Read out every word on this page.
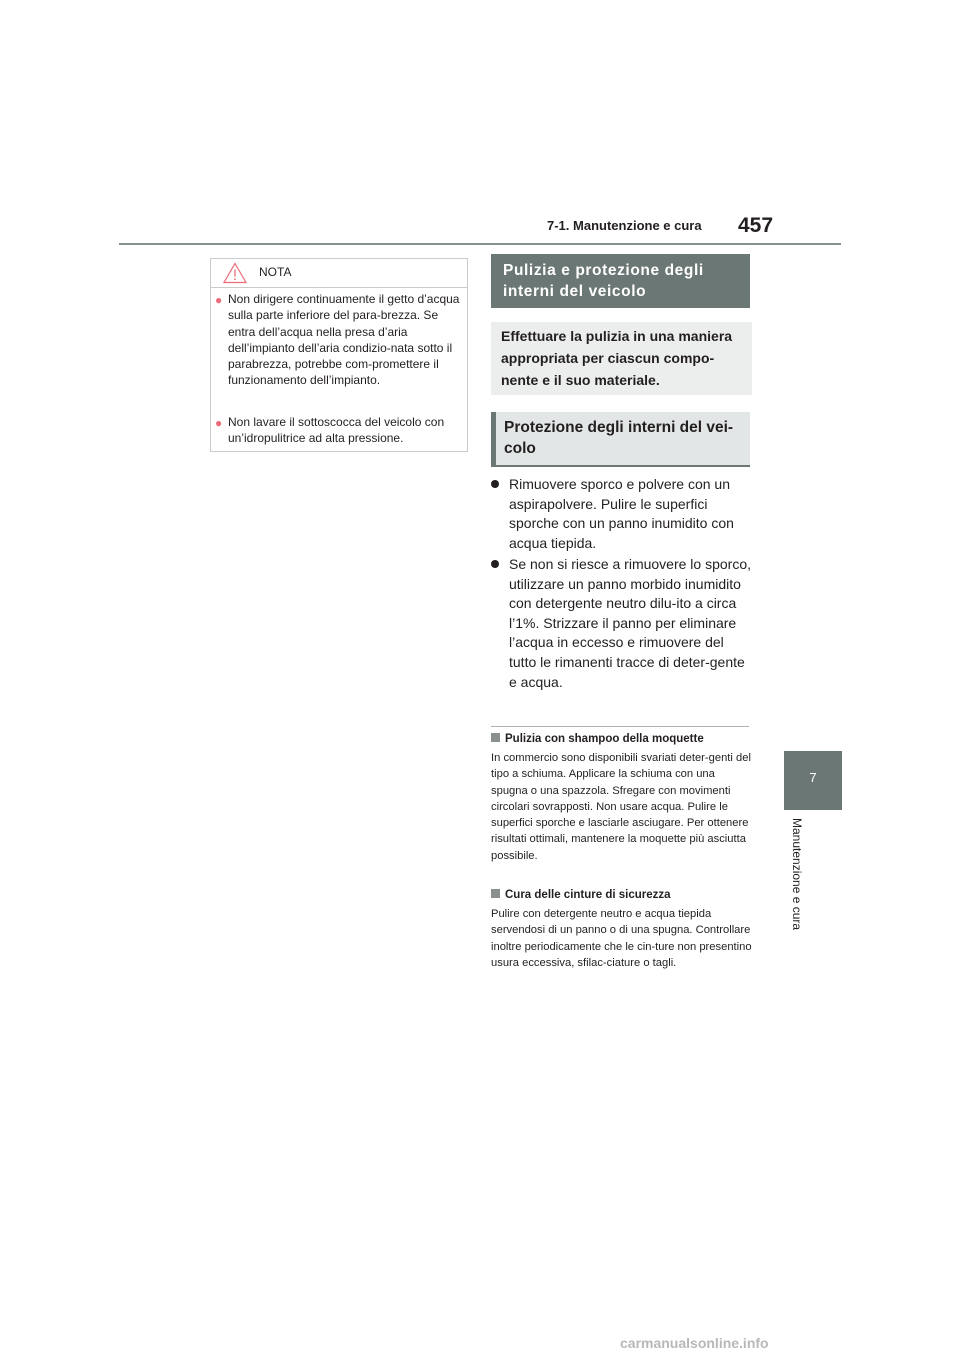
7-1. Manutenzione e cura 457
7
Manutenzione e cura
NOTA
● Non dirigere continuamente il getto d’acqua sulla parte inferiore del para-brezza. Se entra dell’acqua nella presa d’aria dell’impianto dell’aria condizio-nata sotto il parabrezza, potrebbe com-promettere il funzionamento dell’impianto.
● Non lavare il sottoscocca del veicolo con un’idropulitrice ad alta pressione.
Pulizia e protezione degli interni del veicolo
Effettuare la pulizia in una maniera appropriata per ciascun compo-nente e il suo materiale.
Protezione degli interni del vei-colo
Rimuovere sporco e polvere con un aspirapolvere. Pulire le superfici sporche con un panno inumidito con acqua tiepida.
Se non si riesce a rimuovere lo sporco, utilizzare un panno morbido inumidito con detergente neutro dilu-ito a circa l’1%. Strizzare il panno per eliminare l’acqua in eccesso e rimuovere del tutto le rimanenti tracce di deter-gente e acqua.
Pulizia con shampoo della moquette
In commercio sono disponibili svariati deter-genti del tipo a schiuma. Applicare la schiuma con una spugna o una spazzola. Sfregare con movimenti circolari sovrapposti. Non usare acqua. Pulire le superfici sporche e lasciarle asciugare. Per ottenere risultati ottimali, mantenere la moquette più asciutta possibile.
Cura delle cinture di sicurezza
Pulire con detergente neutro e acqua tiepida servendosi di un panno o di una spugna. Controllare inoltre periodicamente che le cin-ture non presentino usura eccessiva, sfilac-ciature o tagli.
carmanualsonline.info
